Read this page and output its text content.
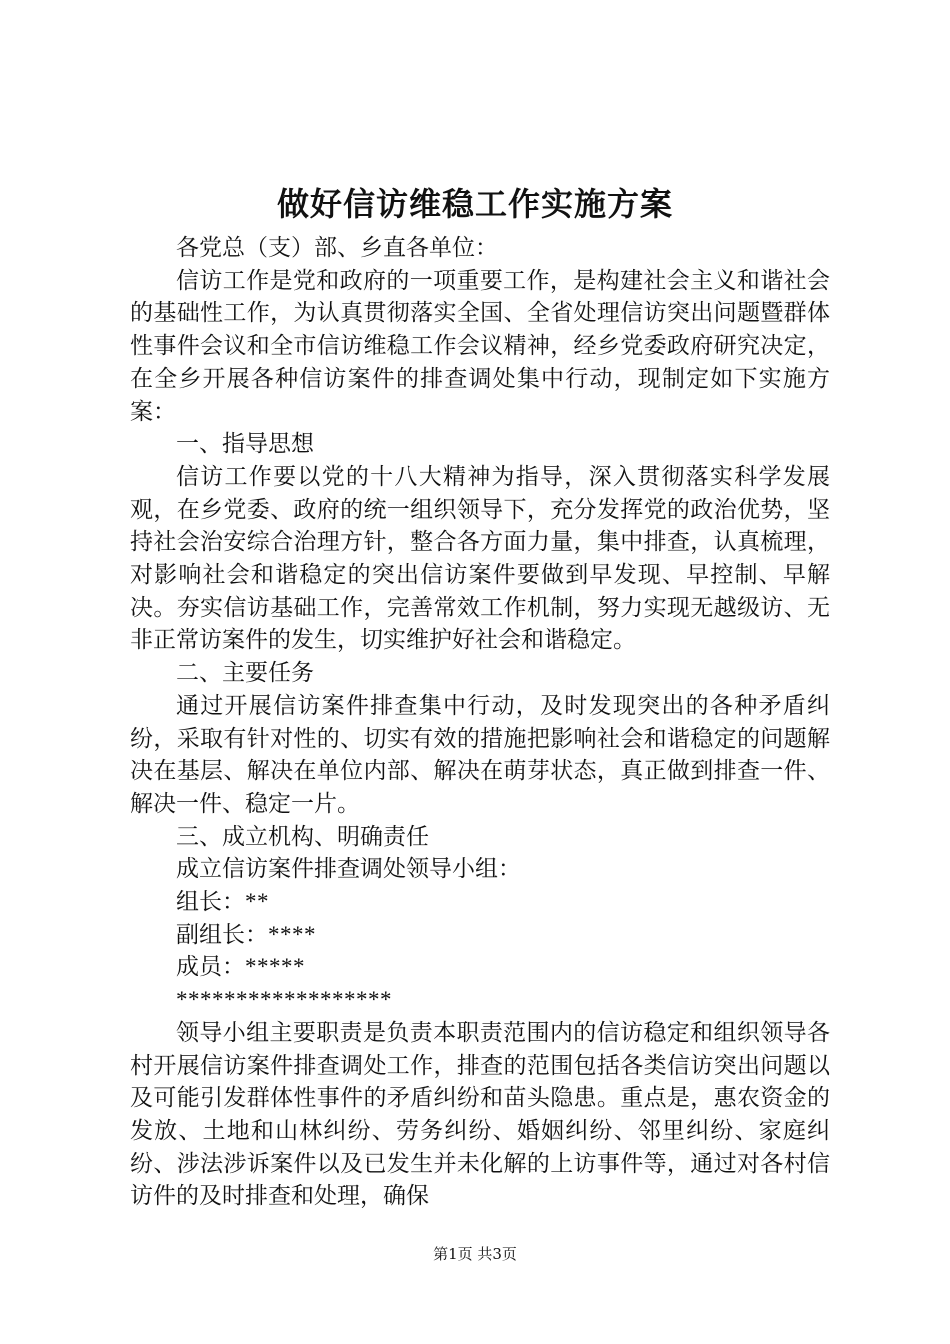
做好信访维稳工作实施方案

各党总（支）部、乡直各单位：

信访工作是党和政府的一项重要工作，是构建社会主义和谐社会的基础性工作，为认真贯彻落实全国、全省处理信访突出问题暨群体性事件会议和全市信访维稳工作会议精神，经乡党委政府研究决定，在全乡开展各种信访案件的排查调处集中行动，现制定如下实施方案：

一、指导思想

信访工作要以党的十八大精神为指导，深入贯彻落实科学发展观，在乡党委、政府的统一组织领导下，充分发挥党的政治优势，坚持社会治安综合治理方针，整合各方面力量，集中排查，认真梳理，对影响社会和谐稳定的突出信访案件要做到早发现、早控制、早解决。夯实信访基础工作，完善常效工作机制，努力实现无越级访、无非正常访案件的发生，切实维护好社会和谐稳定。

二、主要任务

通过开展信访案件排查集中行动，及时发现突出的各种矛盾纠纷，采取有针对性的、切实有效的措施把影响社会和谐稳定的问题解决在基层、解决在单位内部、解决在萌芽状态，真正做到排查一件、解决一件、稳定一片。

三、成立机构、明确责任

成立信访案件排查调处领导小组：

组长：**

副组长：****

成员：*****

******************

领导小组主要职责是负责本职责范围内的信访稳定和组织领导各村开展信访案件排查调处工作，排查的范围包括各类信访突出问题以及可能引发群体性事件的矛盾纠纷和苗头隐患。重点是，惠农资金的发放、土地和山林纠纷、劳务纠纷、婚姻纠纷、邻里纠纷、家庭纠纷、涉法涉诉案件以及已发生并未化解的上访事件等，通过对各村信访件的及时排查和处理，确保

第1页 共3页
